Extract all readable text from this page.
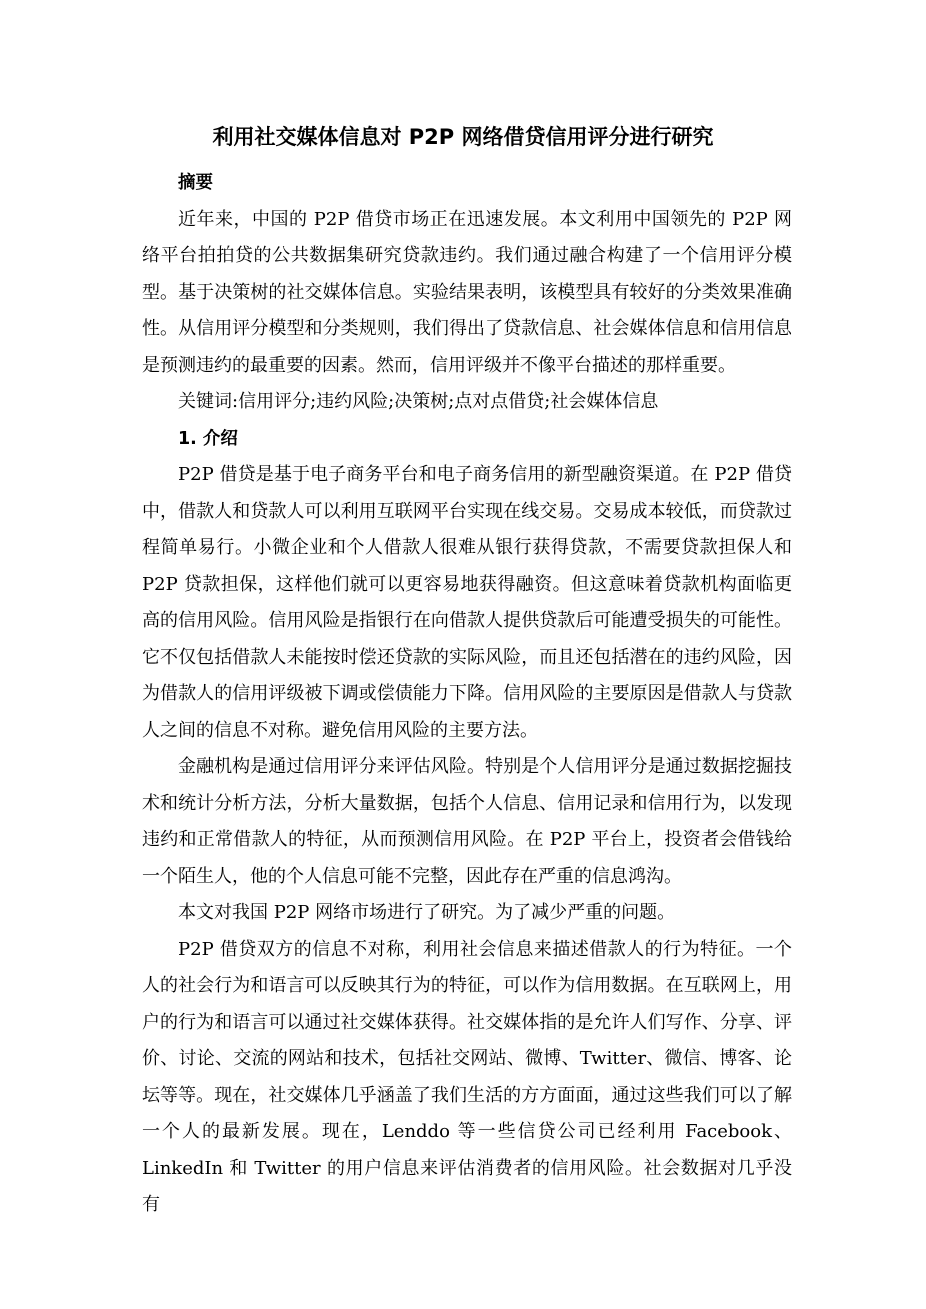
利用社交媒体信息对 P2P 网络借贷信用评分进行研究

摘要

近年来，中国的 P2P 借贷市场正在迅速发展。本文利用中国领先的 P2P 网络平台拍拍贷的公共数据集研究贷款违约。我们通过融合构建了一个信用评分模型。基于决策树的社交媒体信息。实验结果表明，该模型具有较好的分类效果准确性。从信用评分模型和分类规则，我们得出了贷款信息、社会媒体信息和信用信息是预测违约的最重要的因素。然而，信用评级并不像平台描述的那样重要。

关键词:信用评分;违约风险;决策树;点对点借贷;社会媒体信息

1. 介绍

P2P 借贷是基于电子商务平台和电子商务信用的新型融资渠道。在 P2P 借贷中，借款人和贷款人可以利用互联网平台实现在线交易。交易成本较低，而贷款过程简单易行。小微企业和个人借款人很难从银行获得贷款，不需要贷款担保人和 P2P 贷款担保，这样他们就可以更容易地获得融资。但这意味着贷款机构面临更高的信用风险。信用风险是指银行在向借款人提供贷款后可能遭受损失的可能性。它不仅包括借款人未能按时偿还贷款的实际风险，而且还包括潜在的违约风险，因为借款人的信用评级被下调或偿债能力下降。信用风险的主要原因是借款人与贷款人之间的信息不对称。避免信用风险的主要方法。

金融机构是通过信用评分来评估风险。特别是个人信用评分是通过数据挖掘技术和统计分析方法，分析大量数据，包括个人信息、信用记录和信用行为，以发现违约和正常借款人的特征，从而预测信用风险。在 P2P 平台上，投资者会借钱给一个陌生人，他的个人信息可能不完整，因此存在严重的信息鸿沟。

本文对我国 P2P 网络市场进行了研究。为了减少严重的问题。

P2P 借贷双方的信息不对称，利用社会信息来描述借款人的行为特征。一个人的社会行为和语言可以反映其行为的特征，可以作为信用数据。在互联网上，用户的行为和语言可以通过社交媒体获得。社交媒体指的是允许人们写作、分享、评价、讨论、交流的网站和技术，包括社交网站、微博、Twitter、微信、博客、论坛等等。现在，社交媒体几乎涵盖了我们生活的方方面面，通过这些我们可以了解一个人的最新发展。现在，Lenddo 等一些信贷公司已经利用 Facebook、LinkedIn 和 Twitter 的用户信息来评估消费者的信用风险。社会数据对几乎没有
